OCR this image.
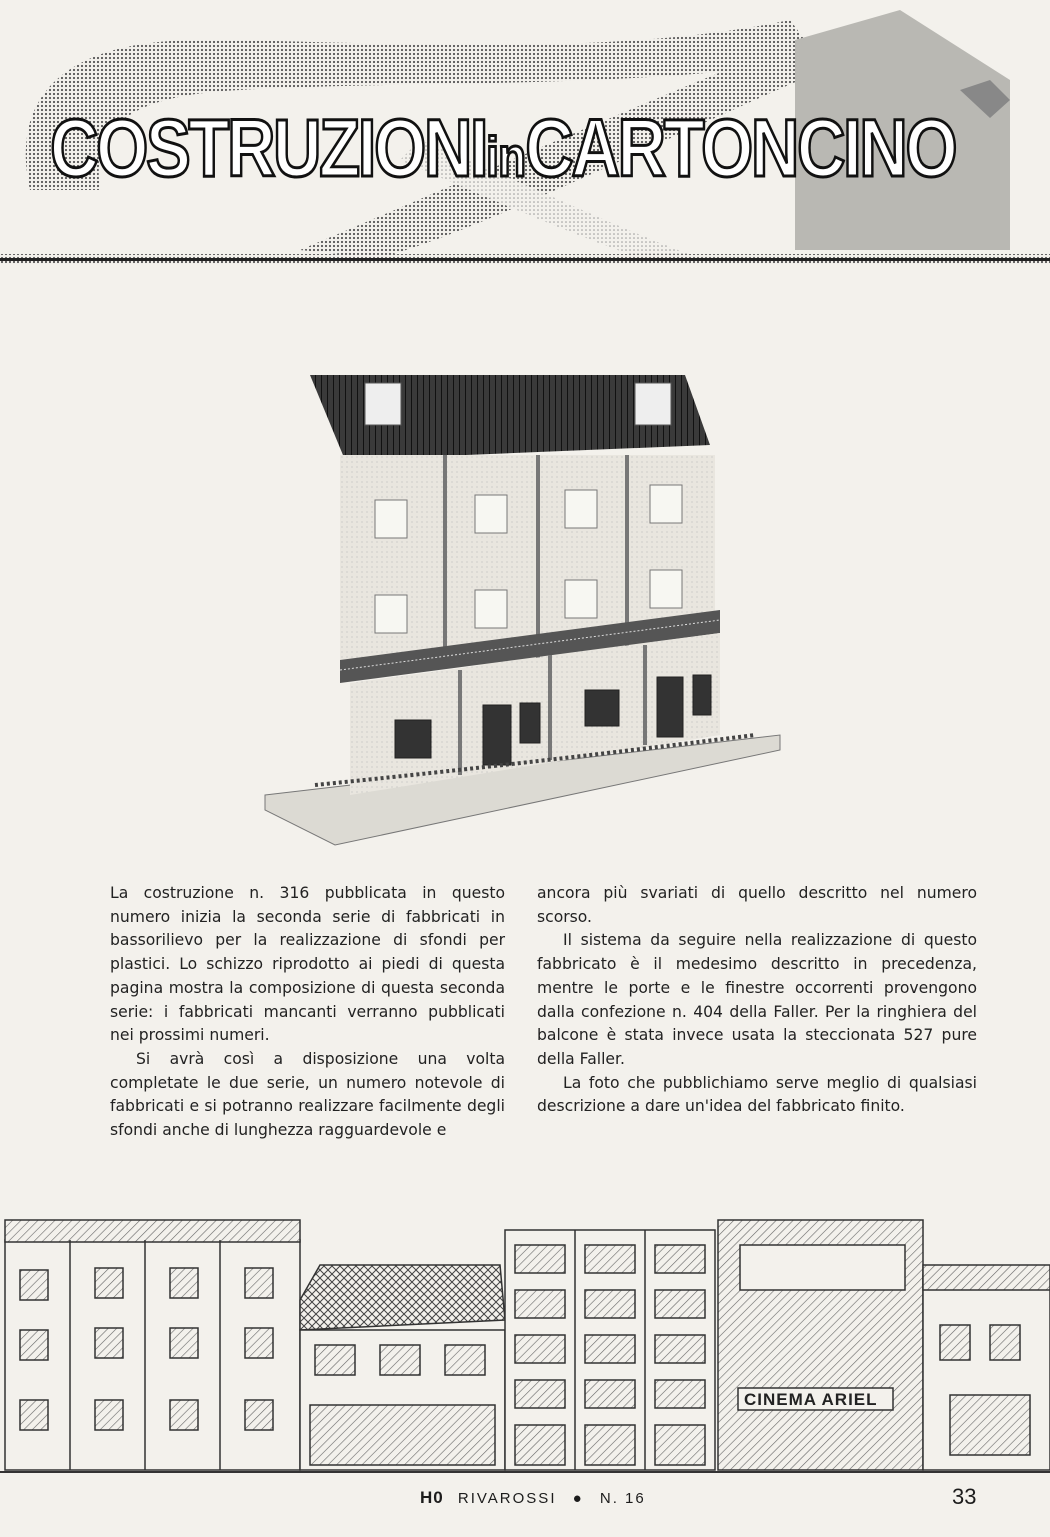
COSTRUZIONIinCARTONCINO

La costruzione n. 316 pubblicata in questo numero inizia la seconda serie di fabbricati in bassorilievo per la realizzazione di sfondi per plastici. Lo schizzo riprodotto ai piedi di questa pagina mostra la composizione di questa seconda serie: i fabbricati mancanti verranno pubblicati nei prossimi numeri.

Si avrà così a disposizione una volta completate le due serie, un numero notevole di fabbricati e si potranno realizzare facilmente degli sfondi anche di lunghezza ragguardevole e

ancora più svariati di quello descritto nel numero scorso.

Il sistema da seguire nella realizzazione di questo fabbricato è il medesimo descritto in precedenza, mentre le porte e le finestre occorrenti provengono dalla confezione n. 404 della Faller. Per la ringhiera del balcone è stata invece usata la steccionata 527 pure della Faller.

La foto che pubblichiamo serve meglio di qualsiasi descrizione a dare un'idea del fabbricato finito.

CINEMA ARIEL
H0 RIVAROSSI ● N. 16	33
